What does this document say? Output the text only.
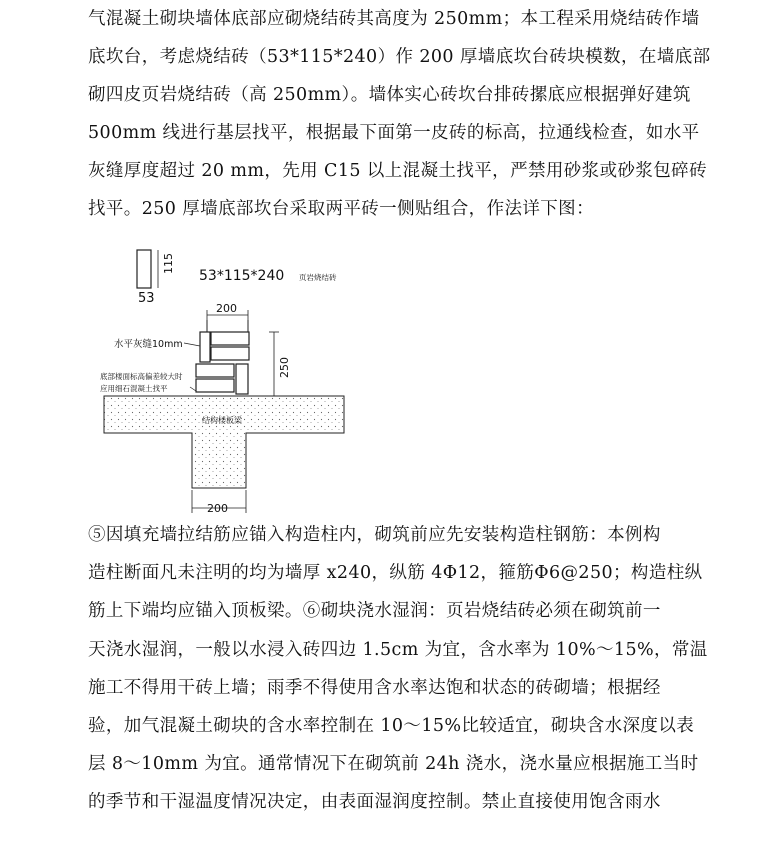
气混凝土砌块墙体底部应砌烧结砖其高度为 250mm；本工程采用烧结砖作墙
底坎台，考虑烧结砖（53*115*240）作 200 厚墙底坎台砖块模数，在墙底部
砌四皮页岩烧结砖（高 250mm）。墙体实心砖坎台排砖摞底应根据弹好建筑
500mm 线进行基层找平，根据最下面第一皮砖的标高，拉通线检查，如水平
灰缝厚度超过 20 mm，先用 C15 以上混凝土找平，严禁用砂浆或砂浆包碎砖
找平。250 厚墙底部坎台采取两平砖一侧贴组合，作法详下图：
115
53
53*115*240 页岩烧结砖
200
水平灰缝10mm
底部楼面标高偏差较大时
应用细石混凝土找平
250
结构楼板梁
200
⑤因填充墙拉结筋应锚入构造柱内，砌筑前应先安装构造柱钢筋：本例构
造柱断面凡未注明的均为墙厚 x240，纵筋 4Φ12，箍筋Φ6@250；构造柱纵
筋上下端均应锚入顶板梁。⑥砌块浇水湿润：页岩烧结砖必须在砌筑前一
天浇水湿润，一般以水浸入砖四边 1.5cm 为宜，含水率为 10%～15%，常温
施工不得用干砖上墙；雨季不得使用含水率达饱和状态的砖砌墙；根据经
验，加气混凝土砌块的含水率控制在 10～15%比较适宜，砌块含水深度以表
层 8～10mm 为宜。通常情况下在砌筑前 24h 浇水，浇水量应根据施工当时
的季节和干湿温度情况决定，由表面湿润度控制。禁止直接使用饱含雨水
